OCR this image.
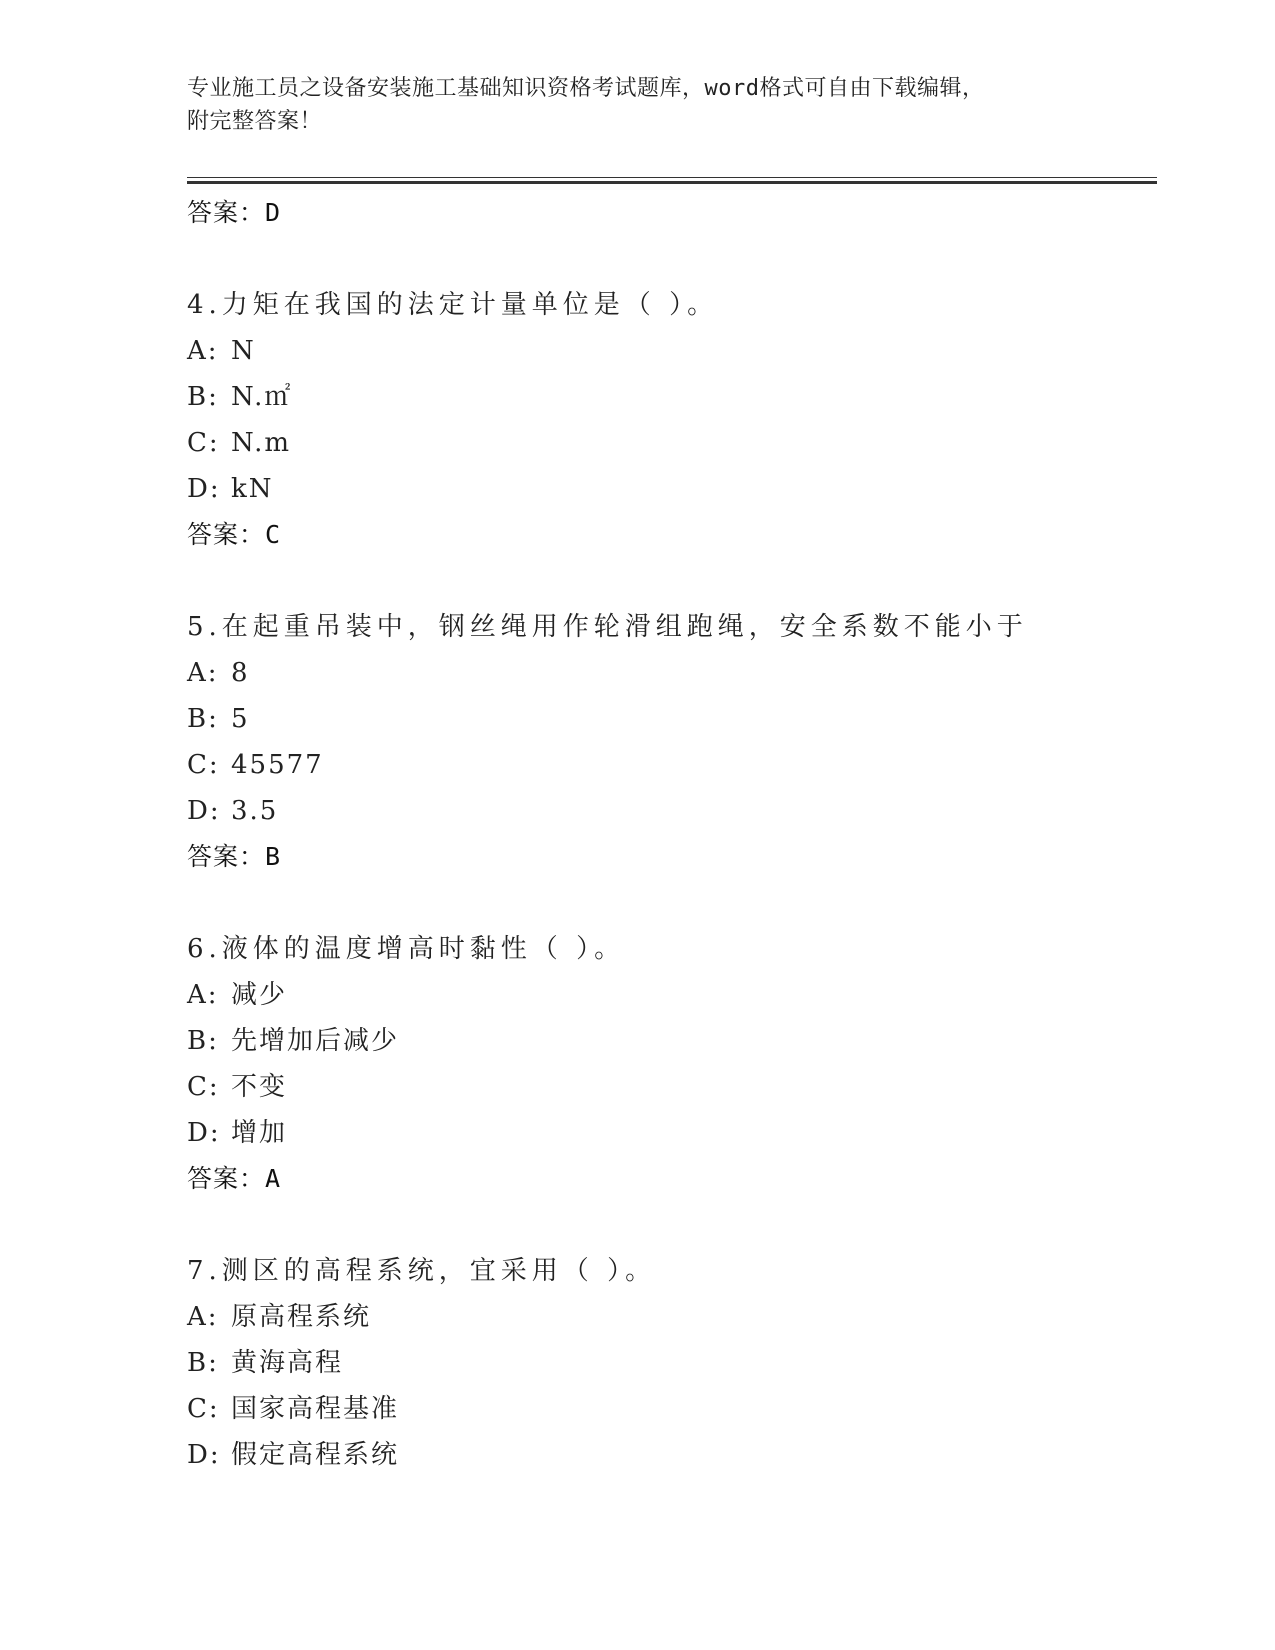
专业施工员之设备安装施工基础知识资格考试题库，word格式可自由下载编辑，
附完整答案！
答案：D
4.力矩在我国的法定计量单位是（ ）。
A: N
B: N.㎡
C: N.m
D: kN
答案：C
5.在起重吊装中，钢丝绳用作轮滑组跑绳，安全系数不能小于
A: 8
B: 5
C: 45577
D: 3.5
答案：B
6.液体的温度增高时黏性（ ）。
A: 减少
B: 先增加后减少
C: 不变
D: 增加
答案：A
7.测区的高程系统，宜采用（ ）。
A: 原高程系统
B: 黄海高程
C: 国家高程基准
D: 假定高程系统
